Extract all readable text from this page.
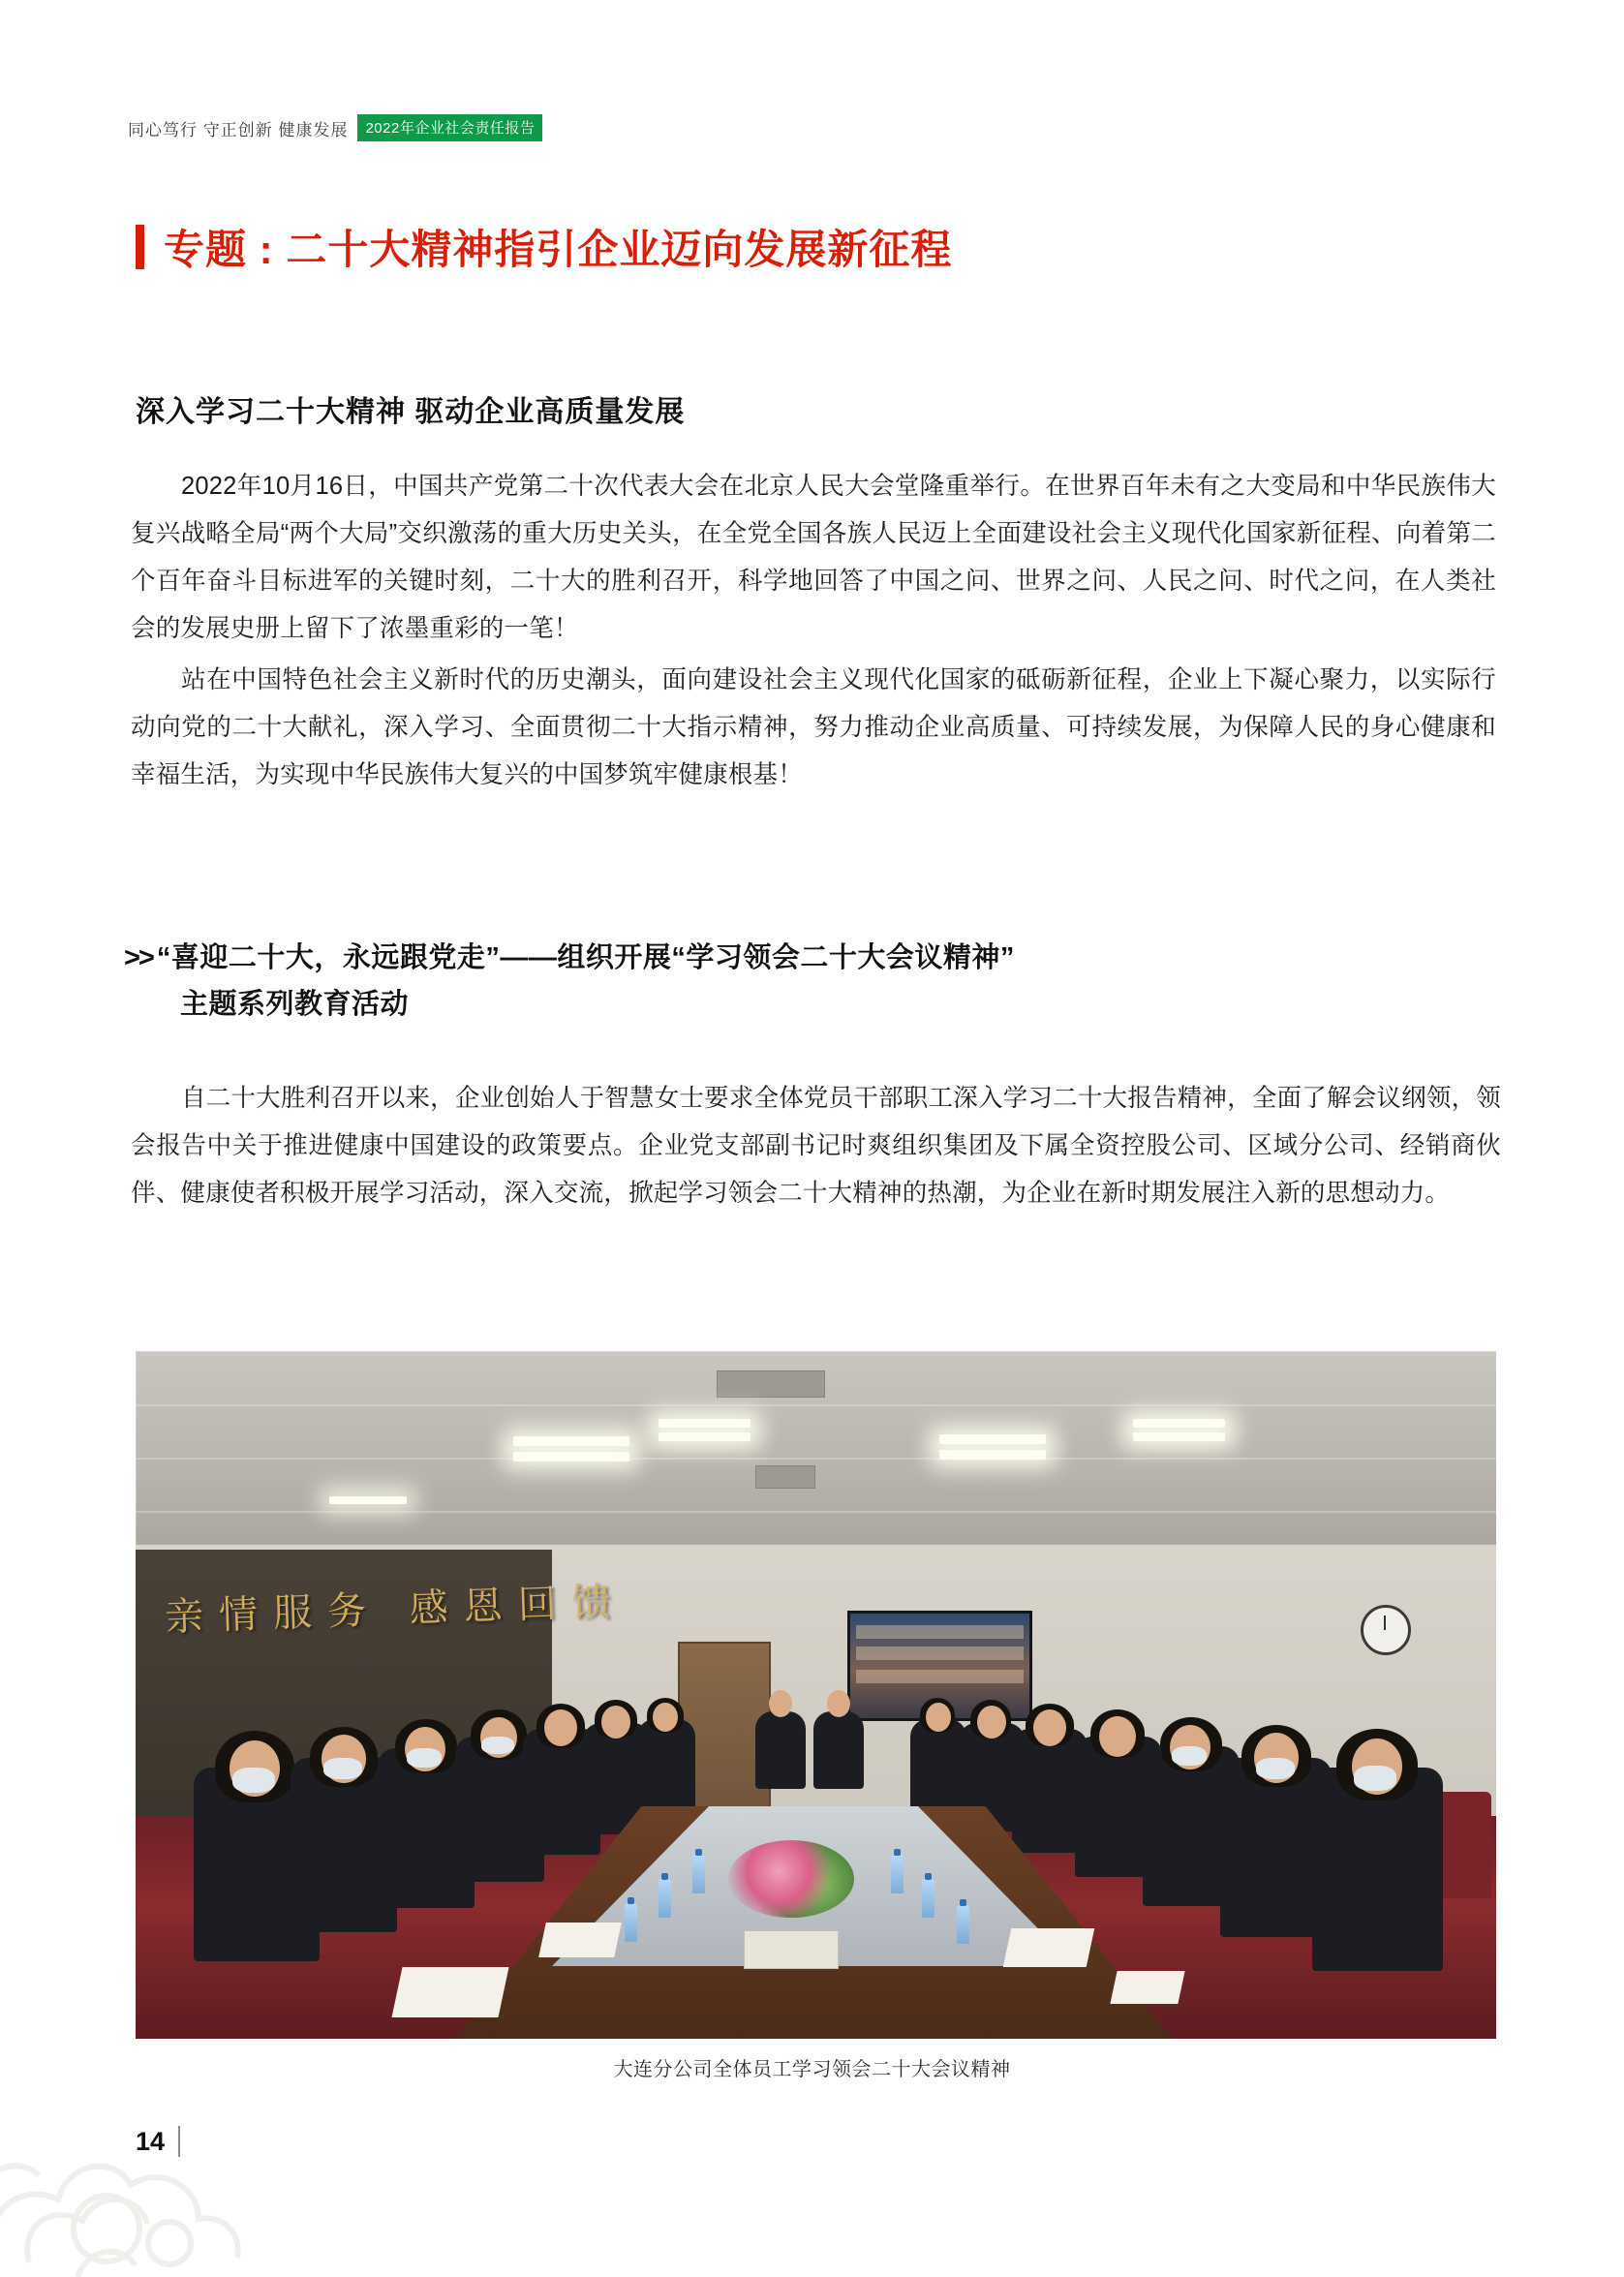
同心笃行 守正创新 健康发展	2022年企业社会责任报告
专题 : 二十大精神指引企业迈向发展新征程
深入学习二十大精神 驱动企业高质量发展

2022年10月16日，中国共产党第二十次代表大会在北京人民大会堂隆重举行。在世界百年未有之大变局和中华民族伟大复兴战略全局“两个大局”交织激荡的重大历史关头，在全党全国各族人民迈上全面建设社会主义现代化国家新征程、向着第二个百年奋斗目标进军的关键时刻，二十大的胜利召开，科学地回答了中国之问、世界之问、人民之问、时代之问，在人类社会的发展史册上留下了浓墨重彩的一笔！

站在中国特色社会主义新时代的历史潮头，面向建设社会主义现代化国家的砥砺新征程，企业上下凝心聚力，以实际行动向党的二十大献礼，深入学习、全面贯彻二十大指示精神，努力推动企业高质量、可持续发展，为保障人民的身心健康和幸福生活，为实现中华民族伟大复兴的中国梦筑牢健康根基！

>> “喜迎二十大，永远跟党走”——组织开展“学习领会二十大会议精神”
主题系列教育活动

自二十大胜利召开以来，企业创始人于智慧女士要求全体党员干部职工深入学习二十大报告精神，全面了解会议纲领，领会报告中关于推进健康中国建设的政策要点。企业党支部副书记时爽组织集团及下属全资控股公司、区域分公司、经销商伙伴、健康使者积极开展学习活动，深入交流，掀起学习领会二十大精神的热潮，为企业在新时期发展注入新的思想动力。

亲情服务 感恩回馈
大连分公司全体员工学习领会二十大会议精神
14
